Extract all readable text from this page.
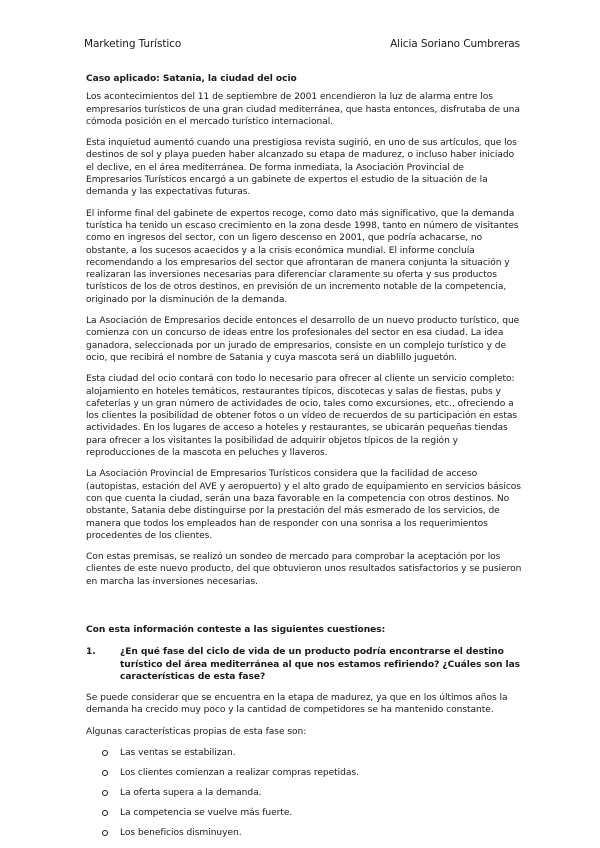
Marketing Turístico	Alicia Soriano Cumbreras

Caso aplicado: Satania, la ciudad del ocio

Los acontecimientos del 11 de septiembre de 2001 encendieron la luz de alarma entre los empresarios turísticos de una gran ciudad mediterránea, que hasta entonces, disfrutaba de una cómoda posición en el mercado turístico internacional.

Esta inquietud aumentó cuando una prestigiosa revista sugirió, en uno de sus artículos, que los destinos de sol y playa pueden haber alcanzado su etapa de madurez, o incluso haber iniciado el declive, en el área mediterránea. De forma inmediata, la Asociación Provincial de Empresarios Turísticos encargó a un gabinete de expertos el estudio de la situación de la demanda y las expectativas futuras.

El informe final del gabinete de expertos recoge, como dato más significativo, que la demanda turística ha tenido un escaso crecimiento en la zona desde 1998, tanto en número de visitantes como en ingresos del sector, con un ligero descenso en 2001, que podría achacarse, no obstante, a los sucesos acaecidos y a la crisis económica mundial. El informe concluía recomendando a los empresarios del sector que afrontaran de manera conjunta la situación y realizaran las inversiones necesarias para diferenciar claramente su oferta y sus productos turísticos de los de otros destinos, en previsión de un incremento notable de la competencia, originado por la disminución de la demanda.

La Asociación de Empresarios decide entonces el desarrollo de un nuevo producto turístico, que comienza con un concurso de ideas entre los profesionales del sector en esa ciudad. La idea ganadora, seleccionada por un jurado de empresarios, consiste en un complejo turístico y de ocio, que recibirá el nombre de Satania y cuya mascota será un diablillo juguetón.

Esta ciudad del ocio contará con todo lo necesario para ofrecer al cliente un servicio completo: alojamiento en hoteles temáticos, restaurantes típicos, discotecas y salas de fiestas, pubs y cafeterías y un gran número de actividades de ocio, tales como excursiones, etc., ofreciendo a los clientes la posibilidad de obtener fotos o un vídeo de recuerdos de su participación en estas actividades. En los lugares de acceso a hoteles y restaurantes, se ubicarán pequeñas tiendas para ofrecer a los visitantes la posibilidad de adquirir objetos típicos de la región y reproducciones de la mascota en peluches y llaveros.

La Asociación Provincial de Empresarios Turísticos considera que la facilidad de acceso (autopistas, estación del AVE y aeropuerto) y el alto grado de equipamiento en servicios básicos con que cuenta la ciudad, serán una baza favorable en la competencia con otros destinos. No obstante, Satania debe distinguirse por la prestación del más esmerado de los servicios, de manera que todos los empleados han de responder con una sonrisa a los requerimientos procedentes de los clientes.

Con estas premisas, se realizó un sondeo de mercado para comprobar la aceptación por los clientes de este nuevo producto, del que obtuvieron unos resultados satisfactorios y se pusieron en marcha las inversiones necesarias.

Con esta información conteste a las siguientes cuestiones:

1.	¿En qué fase del ciclo de vida de un producto podría encontrarse el destino turístico del área mediterránea al que nos estamos refiriendo? ¿Cuáles son las características de esta fase?

Se puede considerar que se encuentra en la etapa de madurez, ya que en los últimos años la demanda ha crecido muy poco y la cantidad de competidores se ha mantenido constante.

Algunas características propias de esta fase son:

Las ventas se estabilizan.
Los clientes comienzan a realizar compras repetidas.
La oferta supera a la demanda.
La competencia se vuelve más fuerte.
Los beneficios disminuyen.
